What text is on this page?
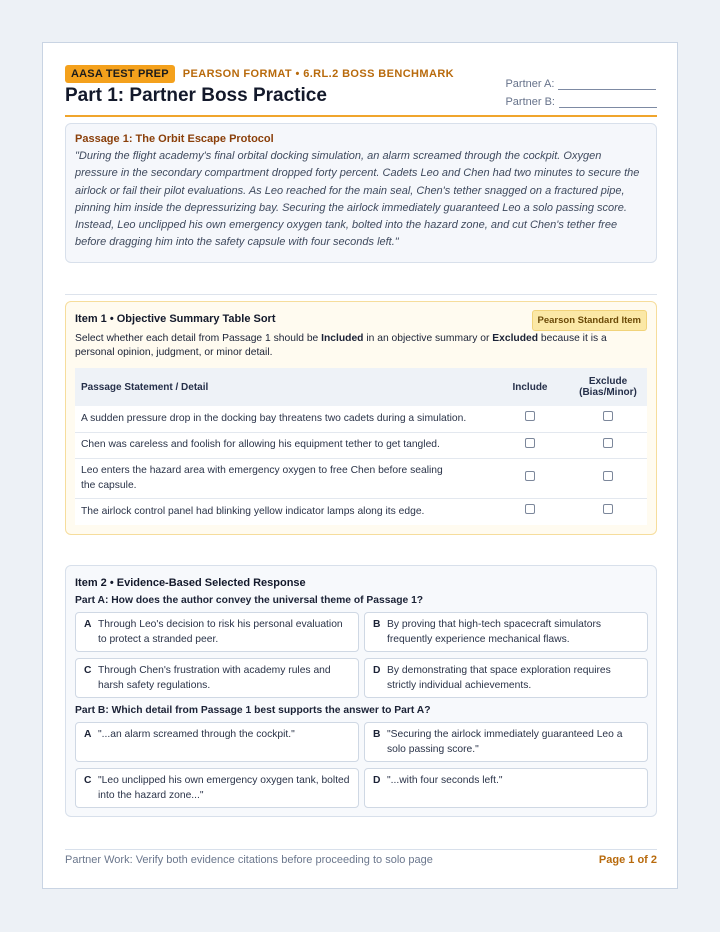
AASA TEST PREP	PEARSON FORMAT • 6.RL.2 BOSS BENCHMARK
Part 1: Partner Boss Practice
Partner A:
Partner B:
Passage 1: The Orbit Escape Protocol
"During the flight academy's final orbital docking simulation, an alarm screamed through the cockpit. Oxygen pressure in the secondary compartment dropped forty percent. Cadets Leo and Chen had two minutes to secure the airlock or fail their pilot evaluations. As Leo reached for the main seal, Chen's tether snagged on a fractured pipe, pinning him inside the depressurizing bay. Securing the airlock immediately guaranteed Leo a solo passing score. Instead, Leo unclipped his own emergency oxygen tank, bolted into the hazard zone, and cut Chen's tether free before dragging him into the safety capsule with four seconds left."
Item 1 • Objective Summary Table Sort	Pearson Standard Item
Select whether each detail from Passage 1 should be Included in an objective summary or Excluded because it is a personal opinion, judgment, or minor detail.
Passage Statement / Detail	Include	Exclude (Bias/Minor)
A sudden pressure drop in the docking bay threatens two cadets during a simulation.		
Chen was careless and foolish for allowing his equipment tether to get tangled.		
Leo enters the hazard area with emergency oxygen to free Chen before sealing the capsule.		
The airlock control panel had blinking yellow indicator lamps along its edge.		
Item 2 • Evidence-Based Selected Response
Part A: How does the author convey the universal theme of Passage 1?
A Through Leo's decision to risk his personal evaluation to protect a stranded peer.
B By proving that high-tech spacecraft simulators frequently experience mechanical flaws.
C Through Chen's frustration with academy rules and harsh safety regulations.
D By demonstrating that space exploration requires strictly individual achievements.
Part B: Which detail from Passage 1 best supports the answer to Part A?
A "...an alarm screamed through the cockpit."	B "Securing the airlock immediately guaranteed Leo a solo passing score."
C "Leo unclipped his own emergency oxygen tank, bolted into the hazard zone..."
D "...with four seconds left."
Partner Work: Verify both evidence citations before proceeding to solo page	Page 1 of 2
